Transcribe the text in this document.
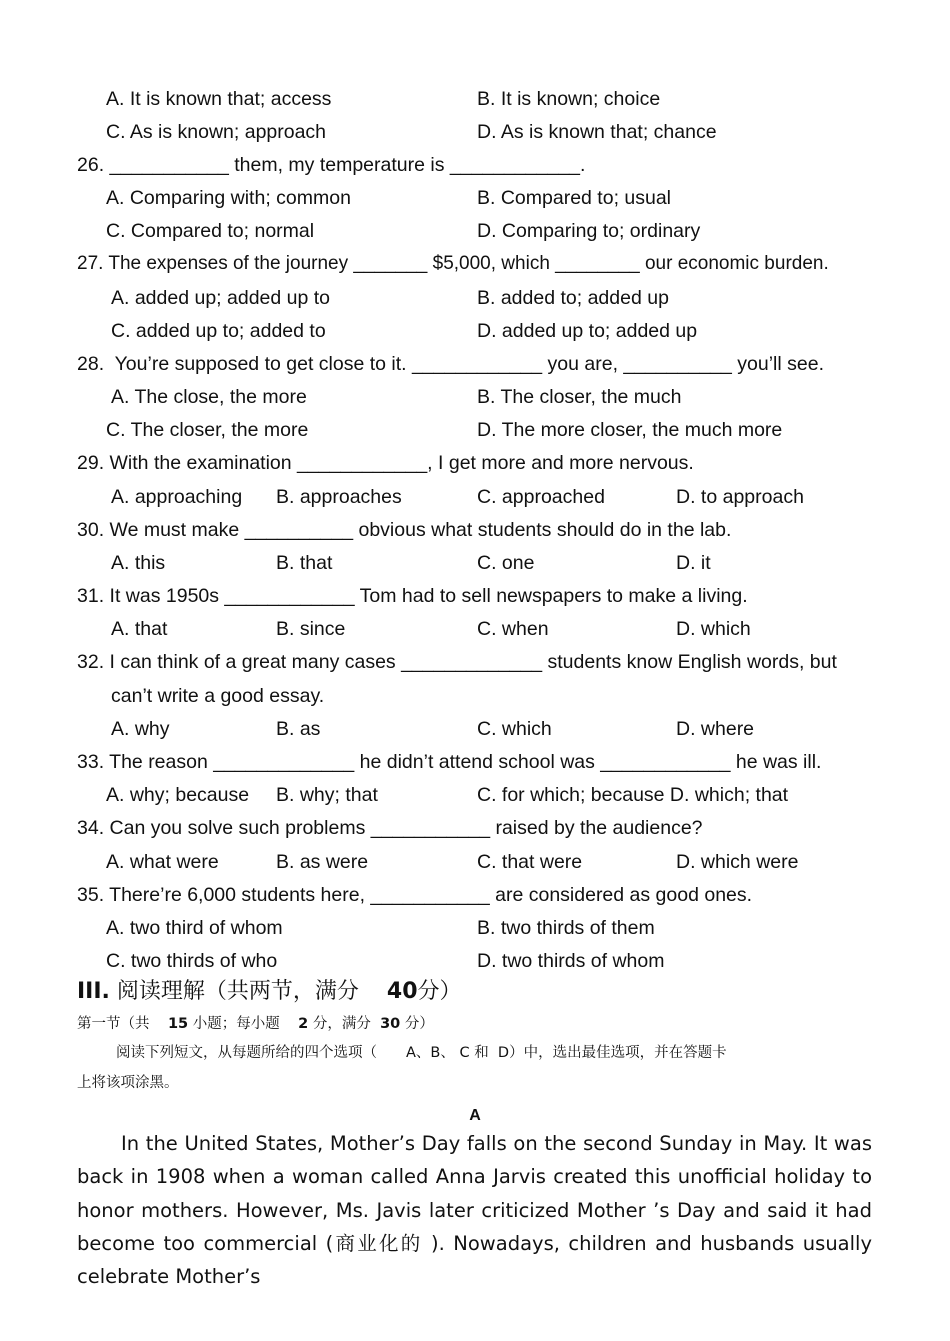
A. It is known that; access	B. It is known; choice
C. As is known; approach	D. As is known that; chance
26. ___________ them, my temperature is ____________.
A. Comparing with; common	B. Compared to; usual
C. Compared to; normal	D. Comparing to; ordinary
27. The expenses of the journey _______ $5,000, which ________ our economic burden.
A. added up; added up to	B. added to; added up
C. added up to; added to	D. added up to; added up
28.  You’re supposed to get close to it. ____________ you are, __________ you’ll see.
A. The close, the more	B. The closer, the much
C. The closer, the more	D. The more closer, the much more
29. With the examination ____________, I get more and more nervous.
A. approaching B. approaches	C. approached	D. to approach
30. We must make __________ obvious what students should do in the lab.
A. this	B. that	C. one	D. it
31. It was 1950s ____________ Tom had to sell newspapers to make a living.
A. that	B. since	C. when	D. which
32. I can think of a great many cases _____________ students know English words, but
can’t write a good essay.
A. why	B. as	C. which	D. where
33. The reason _____________ he didn’t attend school was ____________ he was ill.
A. why; because B. why; that	C. for which; because D. which; that
34. Can you solve such problems ___________ raised by the audience?
A. what were	B. as were	C. that were	D. which were
35. There’re 6,000 students here, ___________ are considered as good ones.
A. two third of whom	B. two thirds of them
C. two thirds of who	D. two thirds of whom
III. 阅读理解（共两节，满分 40分）
第一节（共 15 小题；每小题 2 分，满分 30 分）
阅读下列短文，从每题所给的四个选项（　　A、B、 C 和  D）中，选出最佳选项，并在答题卡
上将该项涂黑。
A
In the United States, Mother’s Day falls on the second Sunday in May. It was back in 1908 when a woman called Anna Jarvis created this unofficial holiday to honor mothers. However, Ms. Javis later criticized Mother ’s Day and said it had become too commercial (商业化的 ). Nowadays, children and husbands usually celebrate Mother’s
